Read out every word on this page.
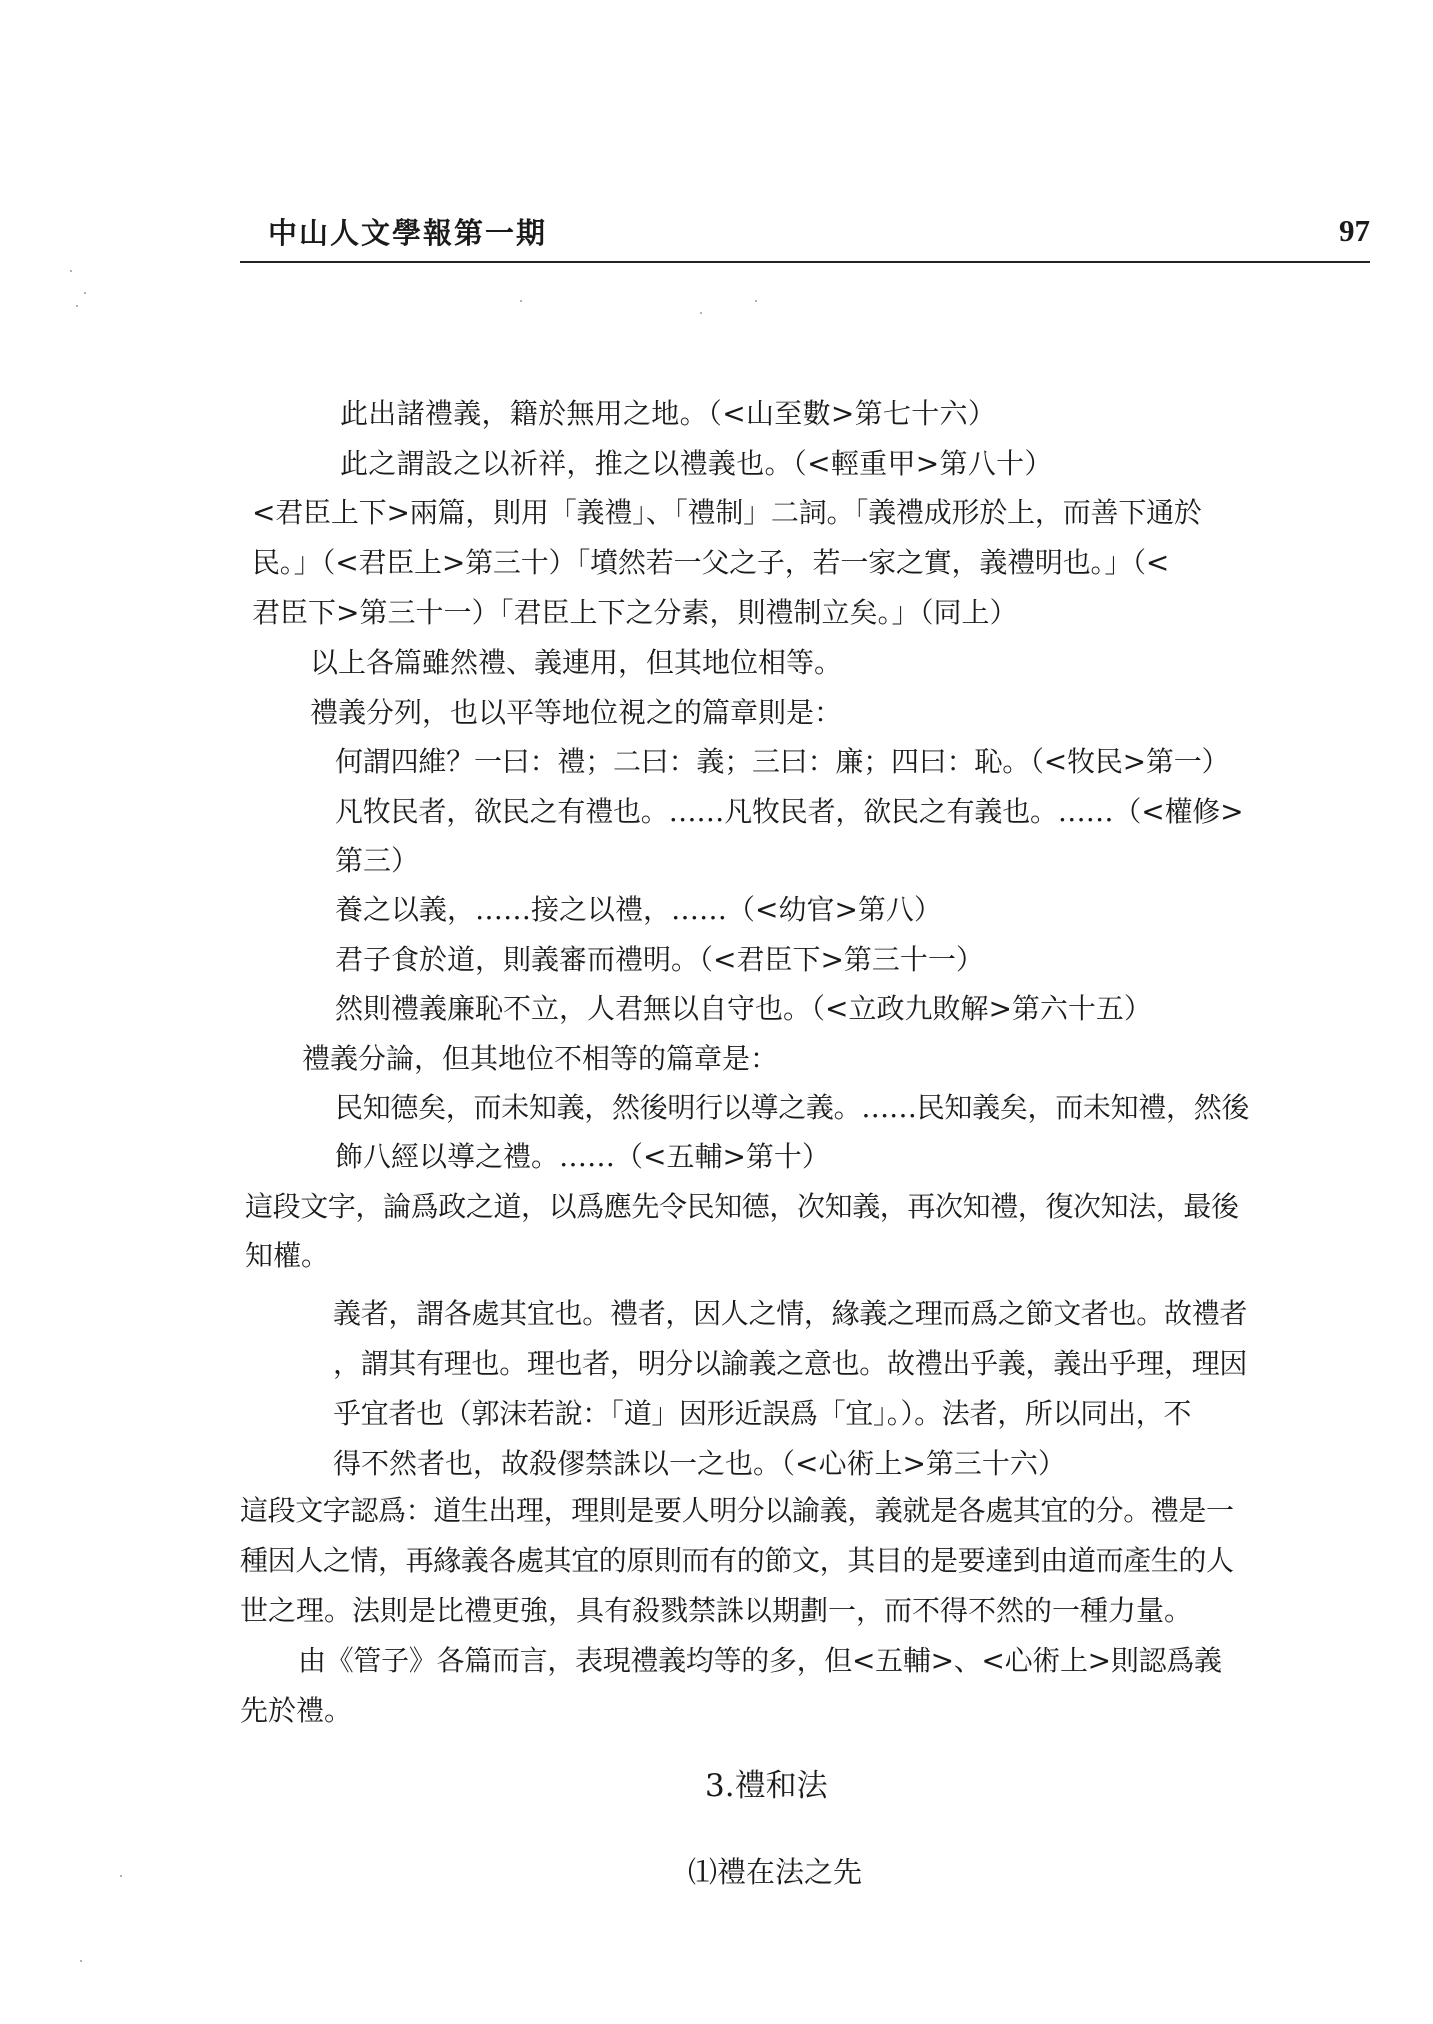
中山人文學報第一期	97
此出諸禮義，籍於無用之地。（<山至數>第七十六）
此之謂設之以祈祥，推之以禮義也。（<輕重甲>第八十）
<君臣上下>兩篇，則用「義禮」、「禮制」二詞。「義禮成形於上，而善下通於
民。」（<君臣上>第三十）「墳然若一父之子，若一家之實，義禮明也。」（<
君臣下>第三十一）「君臣上下之分素，則禮制立矣。」（同上）
以上各篇雖然禮、義連用，但其地位相等。
禮義分列，也以平等地位視之的篇章則是：
何謂四維？一曰：禮；二曰：義；三曰：廉；四曰：恥。（<牧民>第一）
凡牧民者，欲民之有禮也。……凡牧民者，欲民之有義也。……（<權修>
第三）
養之以義，……接之以禮，……（<幼官>第八）
君子食於道，則義審而禮明。（<君臣下>第三十一）
然則禮義廉恥不立，人君無以自守也。（<立政九敗解>第六十五）
禮義分論，但其地位不相等的篇章是：
民知德矣，而未知義，然後明行以導之義。……民知義矣，而未知禮，然後
飾八經以導之禮。……（<五輔>第十）
這段文字，論爲政之道，以爲應先令民知德，次知義，再次知禮，復次知法，最後
知權。
義者，謂各處其宜也。禮者，因人之情，緣義之理而爲之節文者也。故禮者
，謂其有理也。理也者，明分以諭義之意也。故禮出乎義，義出乎理，理因
乎宜者也（郭沫若說：「道」因形近誤爲「宜」。）。法者，所以同出，不
得不然者也，故殺僇禁誅以一之也。（<心術上>第三十六）
這段文字認爲：道生出理，理則是要人明分以諭義，義就是各處其宜的分。禮是一
種因人之情，再緣義各處其宜的原則而有的節文，其目的是要達到由道而產生的人
世之理。法則是比禮更強，具有殺戮禁誅以期劃一，而不得不然的一種力量。
由《管子》各篇而言，表現禮義均等的多，但<五輔>、<心術上>則認爲義
先於禮。
3.禮和法
⑴禮在法之先
